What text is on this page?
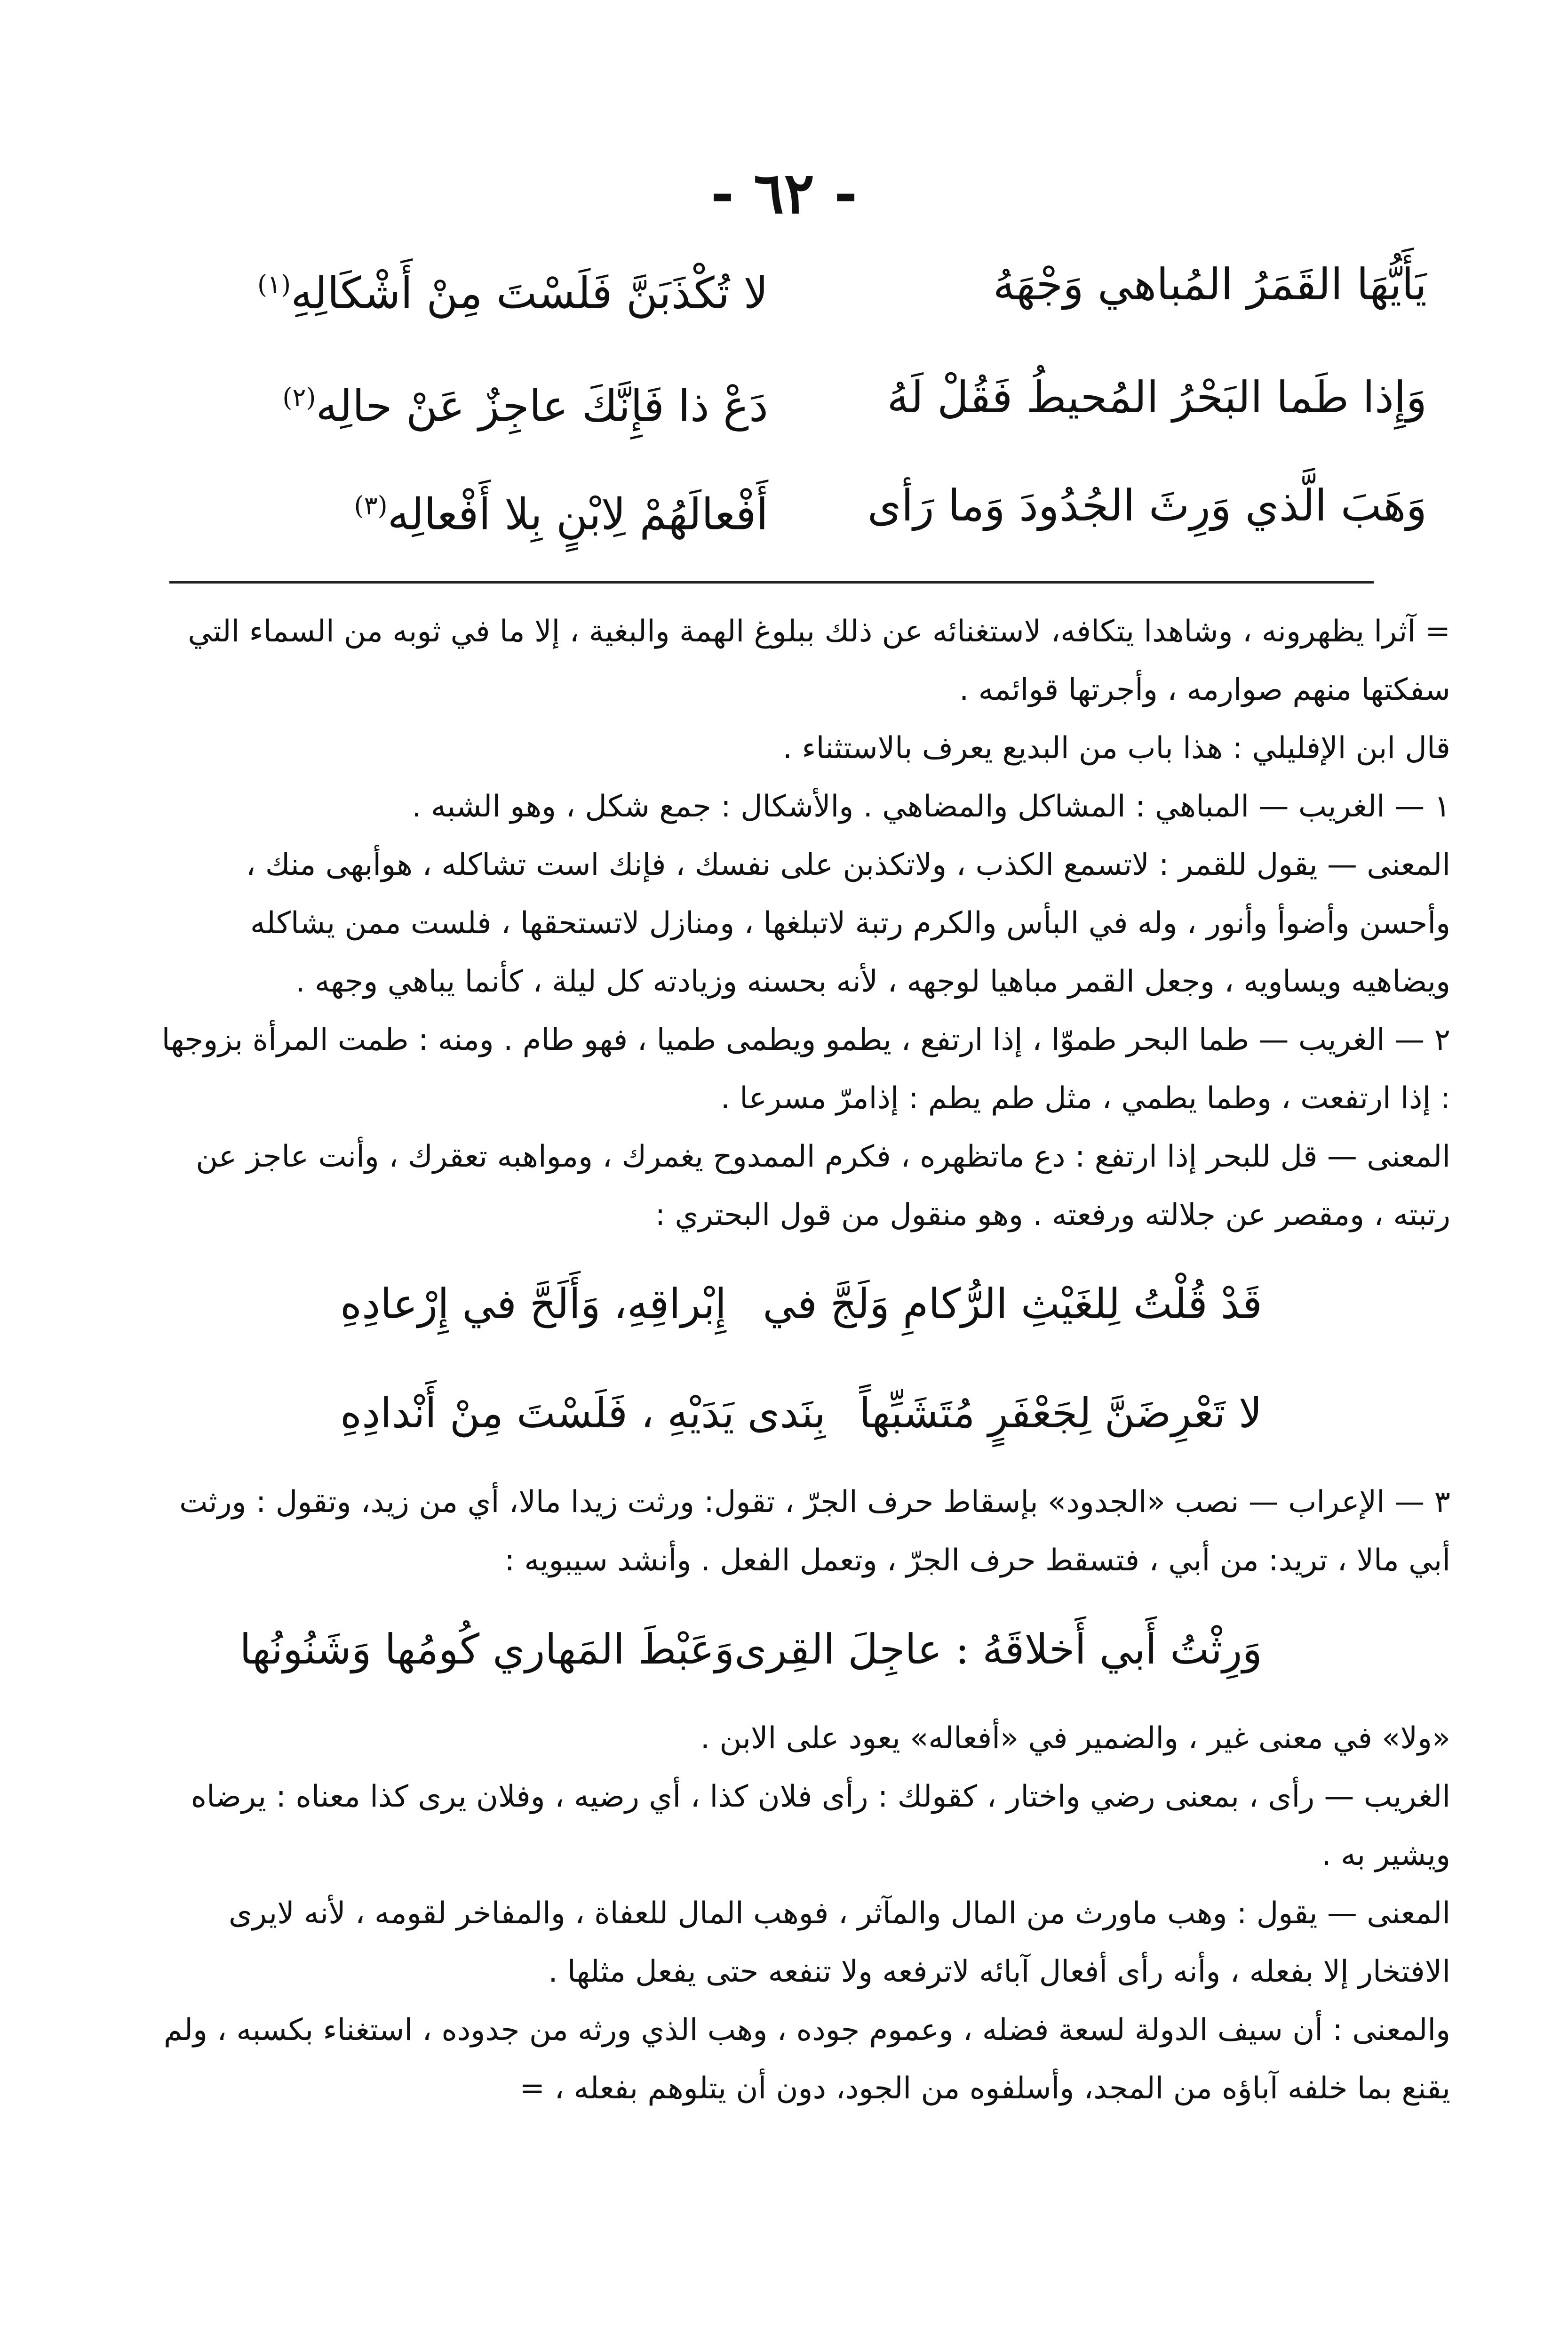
- ٦٢ -
يَأَيُّهَا القَمَرُ المُباهي وَجْهَهُ
لا تُكْذَبَنَّ فَلَسْتَ مِنْ أَشْكَالِهِ$^{(١)}$
وَإِذا طَما البَحْرُ المُحيطُ فَقُلْ لَهُ
دَعْ ذا فَإِنَّكَ عاجِزٌ عَنْ حالِه$^{(٢)}$
وَهَبَ الَّذي وَرِثَ الجُدُودَ وَما رَأى
أَفْعالَهُمْ لِابْنٍ بِلا أَفْعالِه$^{(٣)}$

= آثرا يظهرونه ، وشاهدا يتكافه، لاستغنائه عن ذلك ببلوغ الهمة والبغية ، إلا ما في ثوبه من السماء التي سفكتها منهم صوارمه ، وأجرتها قوائمه .

قال ابن الإفليلي : هذا باب من البديع يعرف بالاستثناء .

١ — الغريب — المباهي : المشاكل والمضاهي . والأشكال : جمع شكل ، وهو الشبه .

المعنى — يقول للقمر : لاتسمع الكذب ، ولاتكذبن على نفسك ، فإنك است تشاكله ، هوأبهى منك ، وأحسن وأضوأ وأنور ، وله في البأس والكرم رتبة لاتبلغها ، ومنازل لاتستحقها ، فلست ممن يشاكله ويضاهيه ويساويه ، وجعل القمر مباهيا لوجهه ، لأنه بحسنه وزيادته كل ليلة ، كأنما يباهي وجهه .

٢ — الغريب — طما البحر طموّا ، إذا ارتفع ، يطمو ويطمى طميا ، فهو طام . ومنه : طمت المرأة بزوجها : إذا ارتفعت ، وطما يطمي ، مثل طم يطم : إذامرّ مسرعا .

المعنى — قل للبحر إذا ارتفع : دع ماتظهره ، فكرم الممدوح يغمرك ، ومواهبه تعقرك ، وأنت عاجز عن رتبته ، ومقصر عن جلالته ورفعته . وهو منقول من قول البحتري :

قَدْ قُلْتُ لِلغَيْثِ الرُّكامِ وَلَجَّ في
إِبْراقِهِ، وَأَلَحَّ في إِرْعادِهِ
لا تَعْرِضَنَّ لِجَعْفَرٍ مُتَشَبِّهاً
بِنَدى يَدَيْهِ ، فَلَسْتَ مِنْ أَنْدادِهِ

٣ — الإعراب — نصب «الجدود» بإسقاط حرف الجرّ ، تقول: ورثت زيدا مالا، أي من زيد، وتقول : ورثت أبي مالا ، تريد: من أبي ، فتسقط حرف الجرّ ، وتعمل الفعل . وأنشد سيبويه :

وَرِثْتُ أَبي أَخلاقَهُ : عاجِلَ القِرى
وَعَبْطَ المَهاري كُومُها وَشَنُونُها

«ولا» في معنى غير ، والضمير في «أفعاله» يعود على الابن .

الغريب — رأى ، بمعنى رضي واختار ، كقولك : رأى فلان كذا ، أي رضيه ، وفلان يرى كذا معناه : يرضاه ويشير به .

المعنى — يقول : وهب ماورث من المال والمآثر ، فوهب المال للعفاة ، والمفاخر لقومه ، لأنه لايرى الافتخار إلا بفعله ، وأنه رأى أفعال آبائه لاترفعه ولا تنفعه حتى يفعل مثلها .

والمعنى : أن سيف الدولة لسعة فضله ، وعموم جوده ، وهب الذي ورثه من جدوده ، استغناء بكسبه ، ولم يقنع بما خلفه آباؤه من المجد، وأسلفوه من الجود، دون أن يتلوهم بفعله ، =
